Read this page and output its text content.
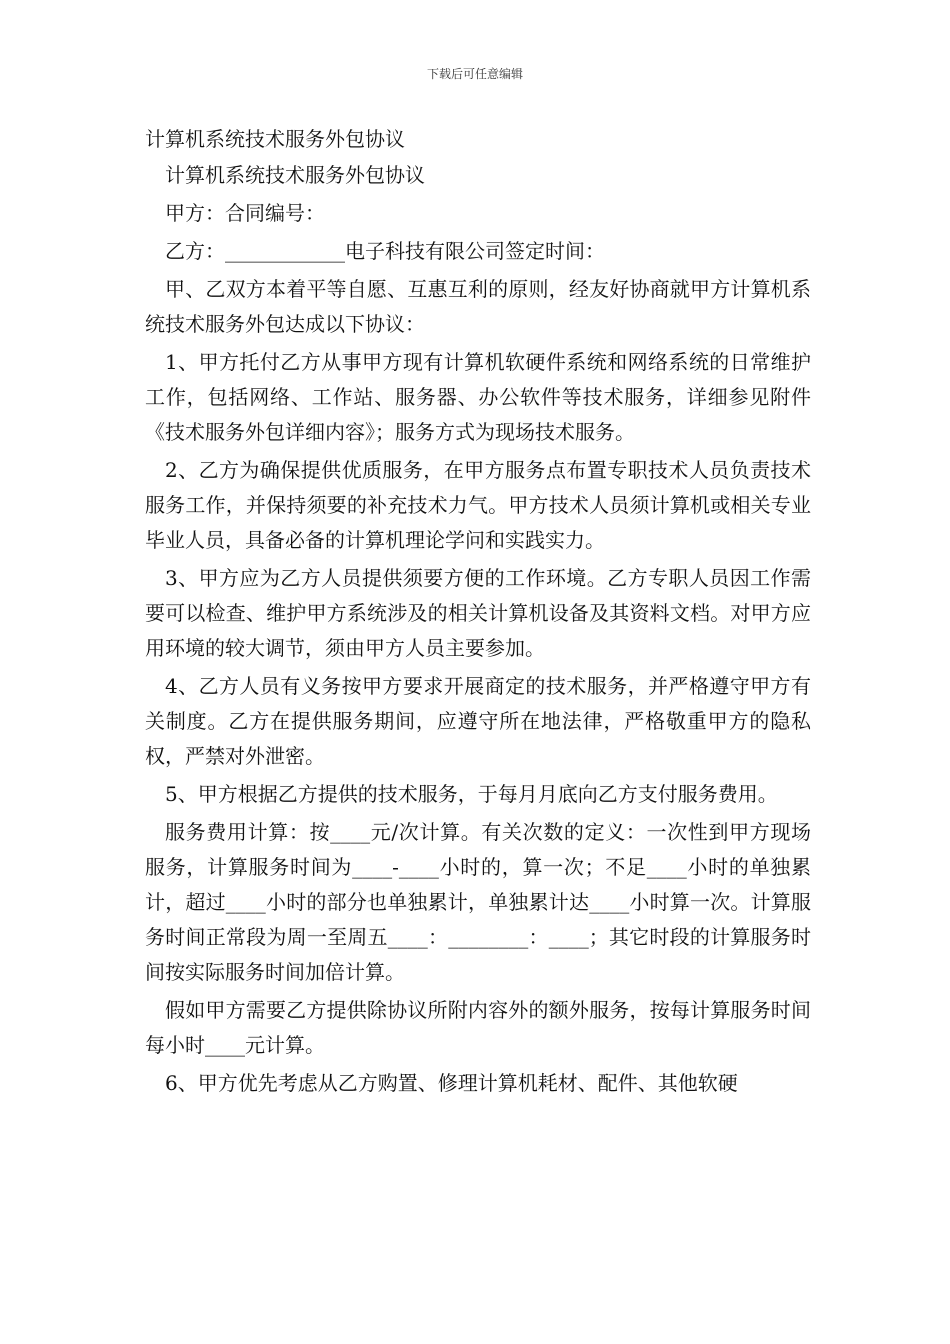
下载后可任意编辑

计算机系统技术服务外包协议

计算机系统技术服务外包协议

甲方：合同编号：

乙方：____________电子科技有限公司签定时间：

甲、乙双方本着平等自愿、互惠互利的原则，经友好协商就甲方计算机系统技术服务外包达成以下协议：

1、甲方托付乙方从事甲方现有计算机软硬件系统和网络系统的日常维护工作，包括网络、工作站、服务器、办公软件等技术服务，详细参见附件《技术服务外包详细内容》；服务方式为现场技术服务。

2、乙方为确保提供优质服务，在甲方服务点布置专职技术人员负责技术服务工作，并保持须要的补充技术力气。甲方技术人员须计算机或相关专业毕业人员，具备必备的计算机理论学问和实践实力。

3、甲方应为乙方人员提供须要方便的工作环境。乙方专职人员因工作需要可以检查、维护甲方系统涉及的相关计算机设备及其资料文档。对甲方应用环境的较大调节，须由甲方人员主要参加。

4、乙方人员有义务按甲方要求开展商定的技术服务，并严格遵守甲方有关制度。乙方在提供服务期间，应遵守所在地法律，严格敬重甲方的隐私权，严禁对外泄密。

5、甲方根据乙方提供的技术服务，于每月月底向乙方支付服务费用。

服务费用计算：按____元/次计算。有关次数的定义：一次性到甲方现场服务，计算服务时间为____-____小时的，算一次；不足____小时的单独累计，超过____小时的部分也单独累计，单独累计达____小时算一次。计算服务时间正常段为周一至周五____：________：____；其它时段的计算服务时间按实际服务时间加倍计算。

假如甲方需要乙方提供除协议所附内容外的额外服务，按每计算服务时间每小时____元计算。

6、甲方优先考虑从乙方购置、修理计算机耗材、配件、其他软硬
